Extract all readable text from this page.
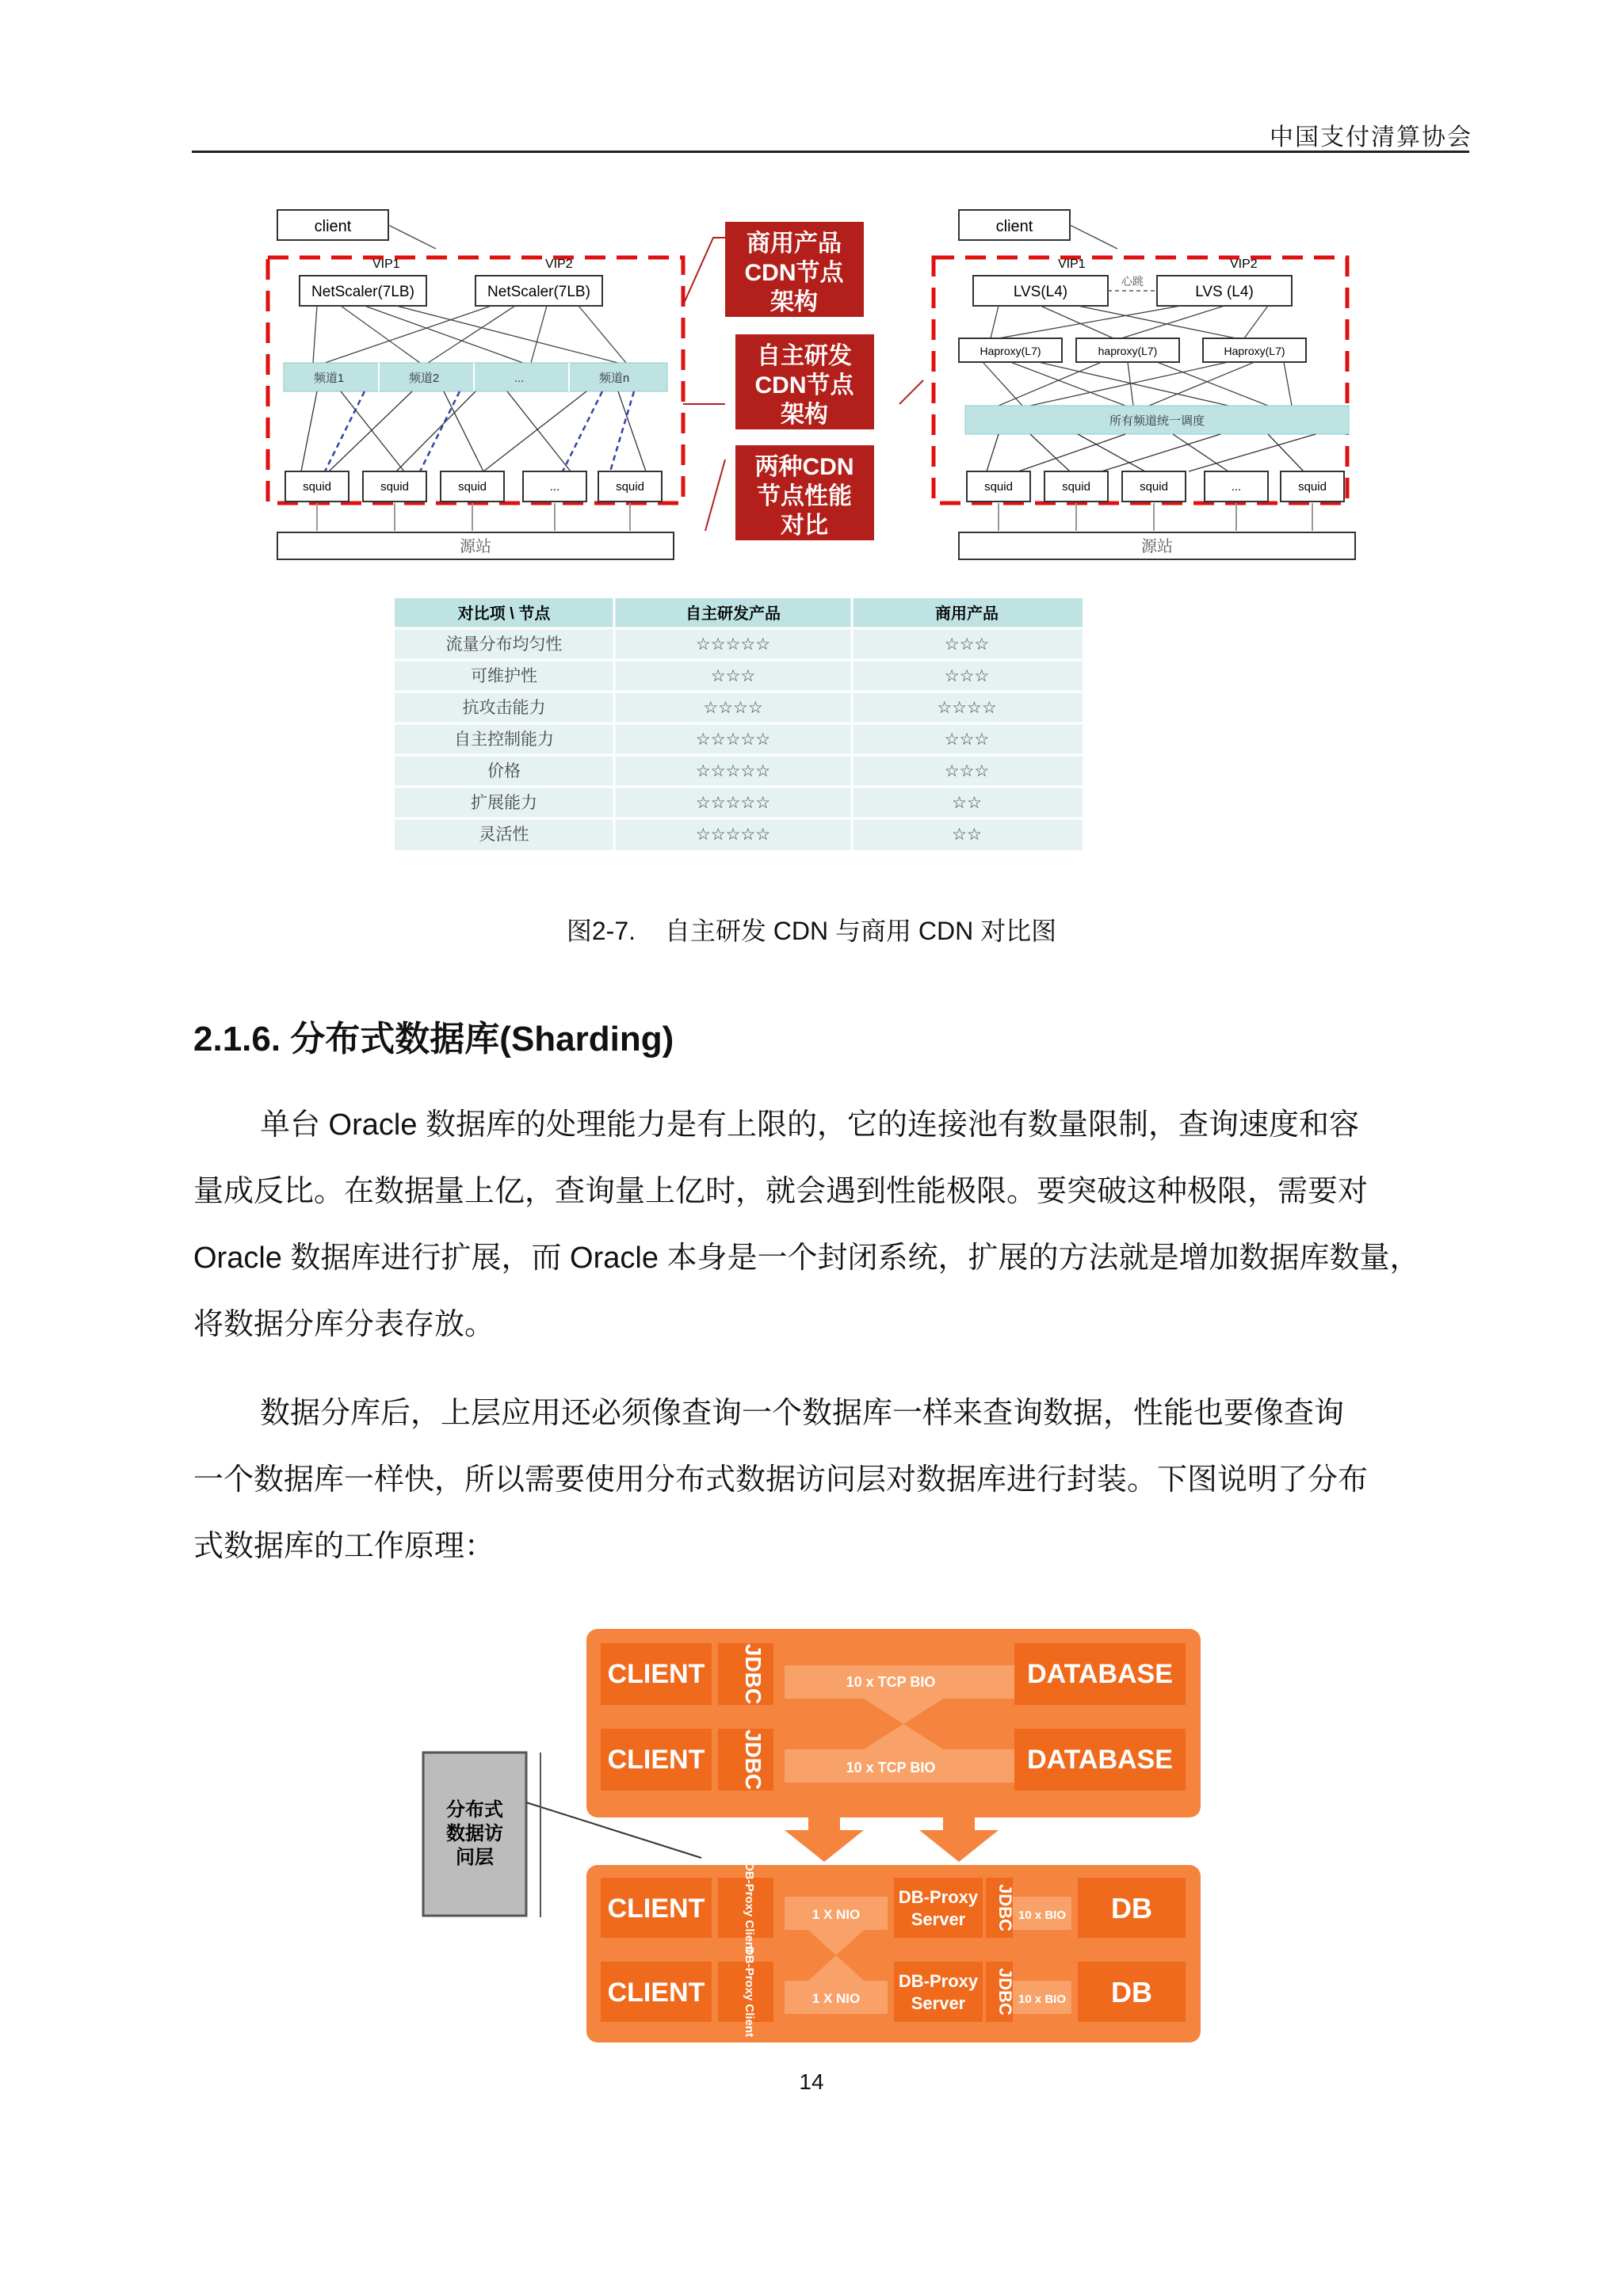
中国支付清算协会
client
VIP1	VIP2
NetScaler(7LB)	NetScaler(7LB)
频道1	频道2	...	频道n
squid	squid	squid	...	squid
源站
商用产品
CDN节点
架构
自主研发
CDN节点
架构
两种CDN
节点性能
对比
client
VIP1	VIP2
LVS(L4)	LVS (L4)
心跳
Haproxy(L7)	haproxy(L7)	Haproxy(L7)
所有频道统一调度
squid	squid	squid	...	squid
源站
对比项 \ 节点	自主研发产品	商用产品
流量分布均匀性	☆☆☆☆☆	☆☆☆
可维护性	☆☆☆	☆☆☆
抗攻击能力	☆☆☆☆	☆☆☆☆
自主控制能力	☆☆☆☆☆	☆☆☆
价格	☆☆☆☆☆	☆☆☆
扩展能力	☆☆☆☆☆	☆☆
灵活性	☆☆☆☆☆	☆☆
图2-7. 自主研发 CDN 与商用 CDN 对比图
2.1.6. 分布式数据库(Sharding)

单台 Oracle 数据库的处理能力是有上限的，它的连接池有数量限制，查询速度和容

量成反比。在数据量上亿，查询量上亿时，就会遇到性能极限。要突破这种极限，需要对

Oracle 数据库进行扩展，而 Oracle 本身是一个封闭系统，扩展的方法就是增加数据库数量，

将数据分库分表存放。

数据分库后，上层应用还必须像查询一个数据库一样来查询数据，性能也要像查询

一个数据库一样快，所以需要使用分布式数据访问层对数据库进行封装。下图说明了分布

式数据库的工作原理：

分布式
数据访
问层
CLIENT JDBC	10 x TCP BIO	DATABASE
CLIENT JDBC	10 x TCP BIO	DATABASE
CLIENT	DB-Proxy Client	1 X NIO
DB-Proxy
Server JDBC 10 x BIO DB
CLIENT	DB-Proxy Client	1 X NIO
DB-Proxy
Server JDBC 10 x BIO DB
14
